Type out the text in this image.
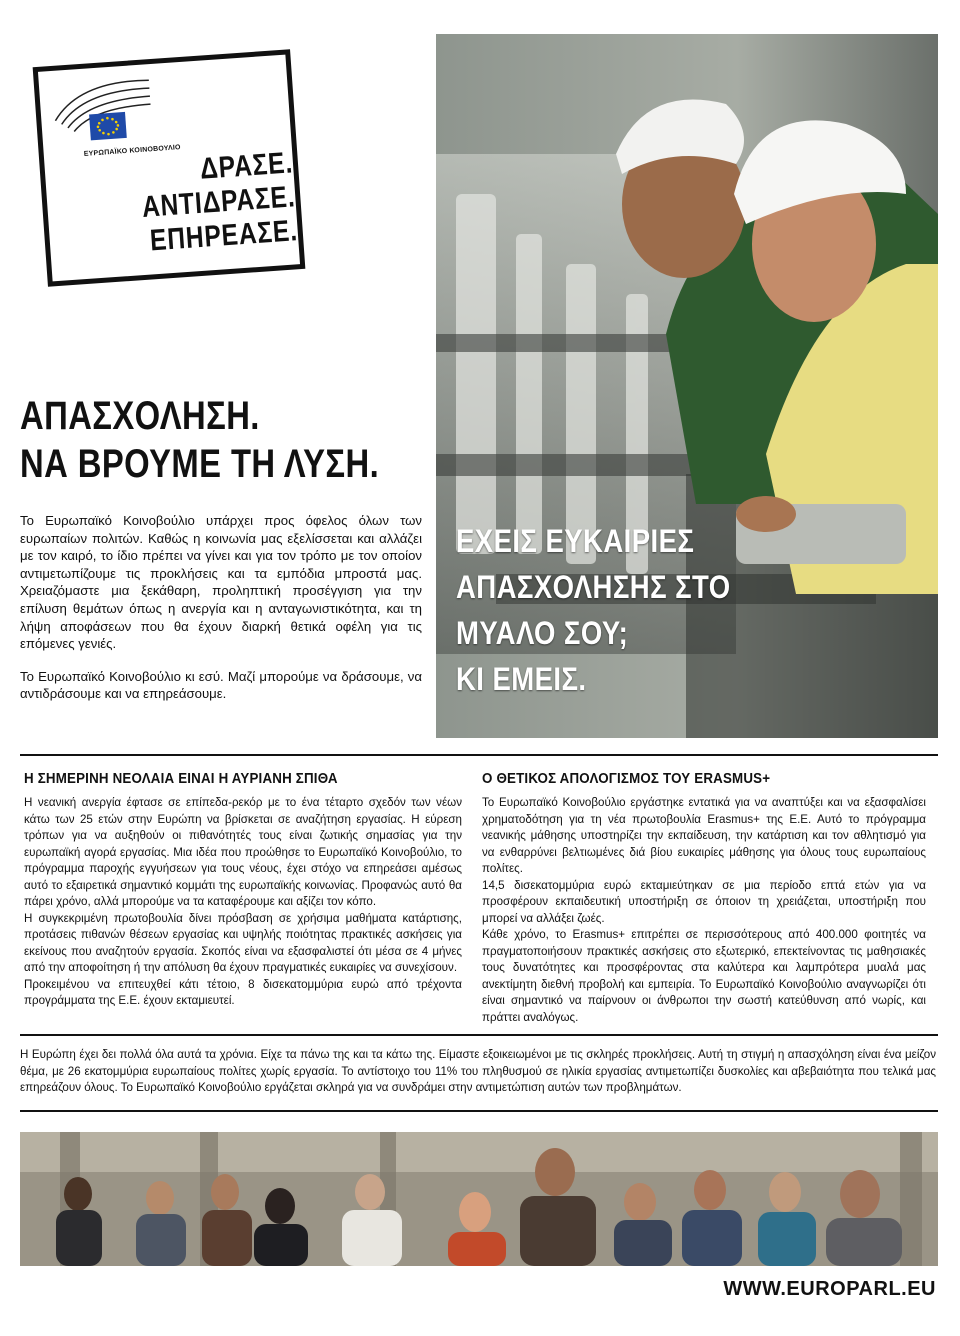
ΕΥΡΩΠΑΪΚΟ ΚΟΙΝΟΒΟΥΛΙΟ ΔΡΑΣΕ.
ΑΝΤΙΔΡΑΣΕ.
ΕΠΗΡΕΑΣΕ.
ΑΠΑΣΧΟΛΗΣΗ.
ΝΑ ΒΡΟΥΜΕ ΤΗ ΛΥΣΗ.

Το Ευρωπαϊκό Κοινοβούλιο υπάρχει προς όφελος όλων των ευρωπαίων πολιτών. Καθώς η κοινωνία μας εξελίσσεται και αλλάζει με τον καιρό, το ίδιο πρέπει να γίνει και για τον τρόπο με τον οποίον αντιμετωπίζουμε τις προκλήσεις και τα εμπόδια μπροστά μας. Χρειαζόμαστε μια ξεκάθαρη, προληπτική προσέγγιση για την επίλυση θεμάτων όπως η ανεργία και η ανταγωνιστικότητα, και τη λήψη αποφάσεων που θα έχουν διαρκή θετικά οφέλη για τις επόμενες γενιές.

Το Ευρωπαϊκό Κοινοβούλιο κι εσύ. Μαζί μπορούμε να δράσουμε, να αντιδράσουμε και να επηρεάσουμε.

ΕΧΕΙΣ ΕΥΚΑΙΡΙΕΣ
ΑΠΑΣΧΟΛΗΣΗΣ ΣΤΟ
ΜΥΑΛΟ ΣΟΥ;
ΚΙ ΕΜΕΙΣ.
Η ΣΗΜΕΡΙΝΗ ΝΕΟΛΑΙΑ ΕΙΝΑΙ Η ΑΥΡΙΑΝΗ ΣΠΙΘΑ

Η νεανική ανεργία έφτασε σε επίπεδα-ρεκόρ με το ένα τέταρτο σχεδόν των νέων κάτω των 25 ετών στην Ευρώπη να βρίσκεται σε αναζήτηση εργασίας. Η εύρεση τρόπων για να αυξηθούν οι πιθανότητές τους είναι ζωτικής σημασίας για την ευρωπαϊκή αγορά εργασίας. Μια ιδέα που προώθησε το Ευρωπαϊκό Κοινοβούλιο, το πρόγραμμα παροχής εγγυήσεων για τους νέους, έχει στόχο να επηρεάσει αμέσως αυτό το εξαιρετικά σημαντικό κομμάτι της ευρωπαϊκής κοινωνίας. Προφανώς αυτό θα πάρει χρόνο, αλλά μπορούμε να τα καταφέρουμε και αξίζει τον κόπο.

Η συγκεκριμένη πρωτοβουλία δίνει πρόσβαση σε χρήσιμα μαθήματα κατάρτισης, προτάσεις πιθανών θέσεων εργασίας και υψηλής ποιότητας πρακτικές ασκήσεις για εκείνους που αναζητούν εργασία. Σκοπός είναι να εξασφαλιστεί ότι μέσα σε 4 μήνες από την αποφοίτηση ή την απόλυση θα έχουν πραγματικές ευκαιρίες να συνεχίσουν.

Προκειμένου να επιτευχθεί κάτι τέτοιο, 8 δισεκατομμύρια ευρώ από τρέχοντα προγράμματα της Ε.Ε. έχουν εκταμιευτεί.

Ο ΘΕΤΙΚΟΣ ΑΠΟΛΟΓΙΣΜΟΣ ΤΟΥ ERASMUS+

Το Ευρωπαϊκό Κοινοβούλιο εργάστηκε εντατικά για να αναπτύξει και να εξασφαλίσει χρηματοδότηση για τη νέα πρωτοβουλία Erasmus+ της Ε.Ε. Αυτό το πρόγραμμα νεανικής μάθησης υποστηρίζει την εκπαίδευση, την κατάρτιση και τον αθλητισμό για να ενθαρρύνει βελτιωμένες διά βίου ευκαιρίες μάθησης για όλους τους ευρωπαίους πολίτες.

14,5 δισεκατομμύρια ευρώ εκταμιεύτηκαν σε μια περίοδο επτά ετών για να προσφέρουν εκπαιδευτική υποστήριξη σε όποιον τη χρειάζεται, υποστήριξη που μπορεί να αλλάξει ζωές.

Κάθε χρόνο, το Erasmus+ επιτρέπει σε περισσότερους από 400.000 φοιτητές να πραγματοποιήσουν πρακτικές ασκήσεις στο εξωτερικό, επεκτείνοντας τις μαθησιακές τους δυνατότητες και προσφέροντας στα καλύτερα και λαμπρότερα μυαλά μας ανεκτίμητη διεθνή προβολή και εμπειρία. Το Ευρωπαϊκό Κοινοβούλιο αναγνωρίζει ότι είναι σημαντικό να παίρνουν οι άνθρωποι την σωστή κατεύθυνση από νωρίς, και πράττει αναλόγως.

Η Ευρώπη έχει δει πολλά όλα αυτά τα χρόνια. Είχε τα πάνω της και τα κάτω της. Είμαστε εξοικειωμένοι με τις σκληρές προκλήσεις. Αυτή τη στιγμή η απασχόληση είναι ένα μείζον θέμα, με 26 εκατομμύρια ευρωπαίους πολίτες χωρίς εργασία. Το αντίστοιχο του 11% του πληθυσμού σε ηλικία εργασίας αντιμετωπίζει δυσκολίες και αβεβαιότητα που τελικά μας επηρεάζουν όλους. Το Ευρωπαϊκό Κοινοβούλιο εργάζεται σκληρά για να συνδράμει στην αντιμετώπιση αυτών των προβλημάτων.
WWW.EUROPARL.EU
